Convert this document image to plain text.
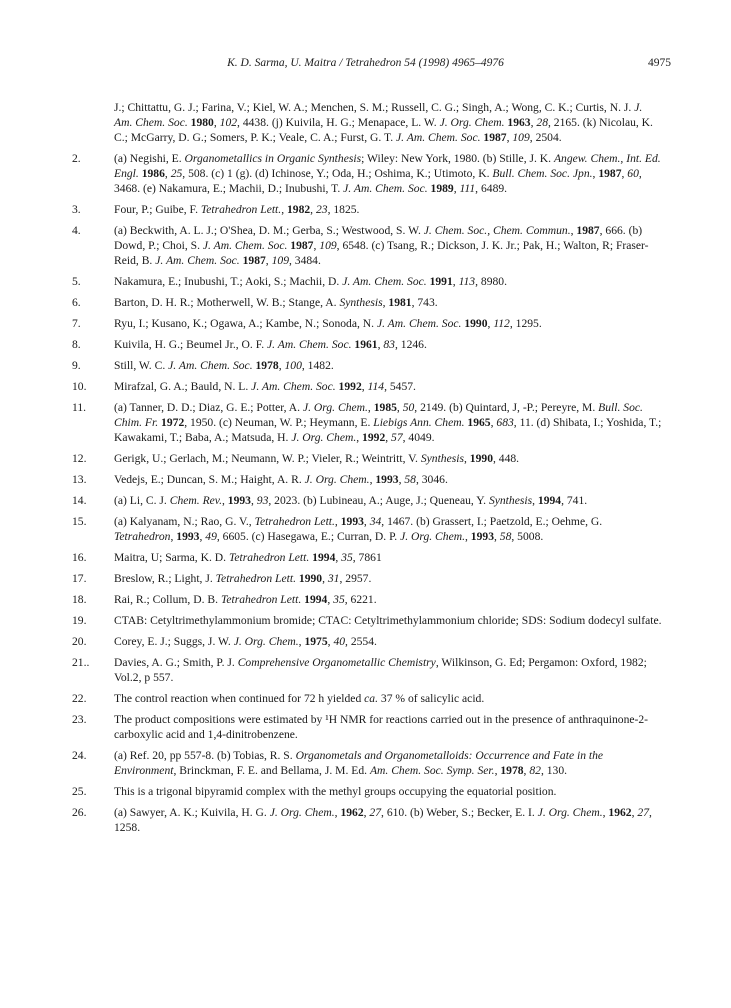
K. D. Sarma, U. Maitra / Tetrahedron 54 (1998) 4965–4976	4975
J.; Chittattu, G. J.; Farina, V.; Kiel, W. A.; Menchen, S. M.; Russell, C. G.; Singh, A.; Wong, C. K.; Curtis, N. J. J. Am. Chem. Soc. 1980, 102, 4438. (j) Kuivila, H. G.; Menapace, L. W. J. Org. Chem. 1963, 28, 2165. (k) Nicolau, K. C.; McGarry, D. G.; Somers, P. K.; Veale, C. A.; Furst, G. T. J. Am. Chem. Soc. 1987, 109, 2504.
2.	(a) Negishi, E. Organometallics in Organic Synthesis; Wiley: New York, 1980. (b) Stille, J. K. Angew. Chem., Int. Ed. Engl. 1986, 25, 508. (c) 1 (g). (d) Ichinose, Y.; Oda, H.; Oshima, K.; Utimoto, K. Bull. Chem. Soc. Jpn., 1987, 60, 3468. (e) Nakamura, E.; Machii, D.; Inubushi, T. J. Am. Chem. Soc. 1989, 111, 6489.
3.	Four, P.; Guibe, F. Tetrahedron Lett., 1982, 23, 1825.
4.	(a) Beckwith, A. L. J.; O'Shea, D. M.; Gerba, S.; Westwood, S. W. J. Chem. Soc., Chem. Commun., 1987, 666. (b) Dowd, P.; Choi, S. J. Am. Chem. Soc. 1987, 109, 6548. (c) Tsang, R.; Dickson, J. K. Jr.; Pak, H.; Walton, R; Fraser-Reid, B. J. Am. Chem. Soc. 1987, 109, 3484.
5.	Nakamura, E.; Inubushi, T.; Aoki, S.; Machii, D. J. Am. Chem. Soc. 1991, 113, 8980.
6.	Barton, D. H. R.; Motherwell, W. B.; Stange, A. Synthesis, 1981, 743.
7.	Ryu, I.; Kusano, K.; Ogawa, A.; Kambe, N.; Sonoda, N. J. Am. Chem. Soc. 1990, 112, 1295.
8.	Kuivila, H. G.; Beumel Jr., O. F. J. Am. Chem. Soc. 1961, 83, 1246.
9.	Still, W. C. J. Am. Chem. Soc. 1978, 100, 1482.
10. Mirafzal, G. A.; Bauld, N. L. J. Am. Chem. Soc. 1992, 114, 5457.
11. (a) Tanner, D. D.; Diaz, G. E.; Potter, A. J. Org. Chem., 1985, 50, 2149. (b) Quintard, J, -P.; Pereyre, M. Bull. Soc. Chim. Fr. 1972, 1950. (c) Neuman, W. P.; Heymann, E. Liebigs Ann. Chem. 1965, 683, 11. (d) Shibata, I.; Yoshida, T.; Kawakami, T.; Baba, A.; Matsuda, H. J. Org. Chem., 1992, 57, 4049.
12. Gerigk, U.; Gerlach, M.; Neumann, W. P.; Vieler, R.; Weintritt, V. Synthesis, 1990, 448.
13. Vedejs, E.; Duncan, S. M.; Haight, A. R. J. Org. Chem., 1993, 58, 3046.
14. (a) Li, C. J. Chem. Rev., 1993, 93, 2023. (b) Lubineau, A.; Auge, J.; Queneau, Y. Synthesis, 1994, 741.
15. (a) Kalyanam, N.; Rao, G. V., Tetrahedron Lett., 1993, 34, 1467. (b) Grassert, I.; Paetzold, E.; Oehme, G. Tetrahedron, 1993, 49, 6605. (c) Hasegawa, E.; Curran, D. P. J. Org. Chem., 1993, 58, 5008.
16. Maitra, U; Sarma, K. D. Tetrahedron Lett. 1994, 35, 7861
17. Breslow, R.; Light, J. Tetrahedron Lett. 1990, 31, 2957.
18. Rai, R.; Collum, D. B. Tetrahedron Lett. 1994, 35, 6221.
19. CTAB: Cetyltrimethylammonium bromide; CTAC: Cetyltrimethylammonium chloride; SDS: Sodium dodecyl sulfate.
20. Corey, E. J.; Suggs, J. W. J. Org. Chem., 1975, 40, 2554.
21.. Davies, A. G.; Smith, P. J. Comprehensive Organometallic Chemistry, Wilkinson, G. Ed; Pergamon: Oxford, 1982; Vol.2, p 557.
22. The control reaction when continued for 72 h yielded ca. 37 % of salicylic acid.
23. The product compositions were estimated by ¹H NMR for reactions carried out in the presence of anthraquinone-2-carboxylic acid and 1,4-dinitrobenzene.
24. (a) Ref. 20, pp 557-8. (b) Tobias, R. S. Organometals and Organometalloids: Occurrence and Fate in the Environment, Brinckman, F. E. and Bellama, J. M. Ed. Am. Chem. Soc. Symp. Ser., 1978, 82, 130.
25. This is a trigonal bipyramid complex with the methyl groups occupying the equatorial position.
26. (a) Sawyer, A. K.; Kuivila, H. G. J. Org. Chem., 1962, 27, 610. (b) Weber, S.; Becker, E. I. J. Org. Chem., 1962, 27, 1258.
